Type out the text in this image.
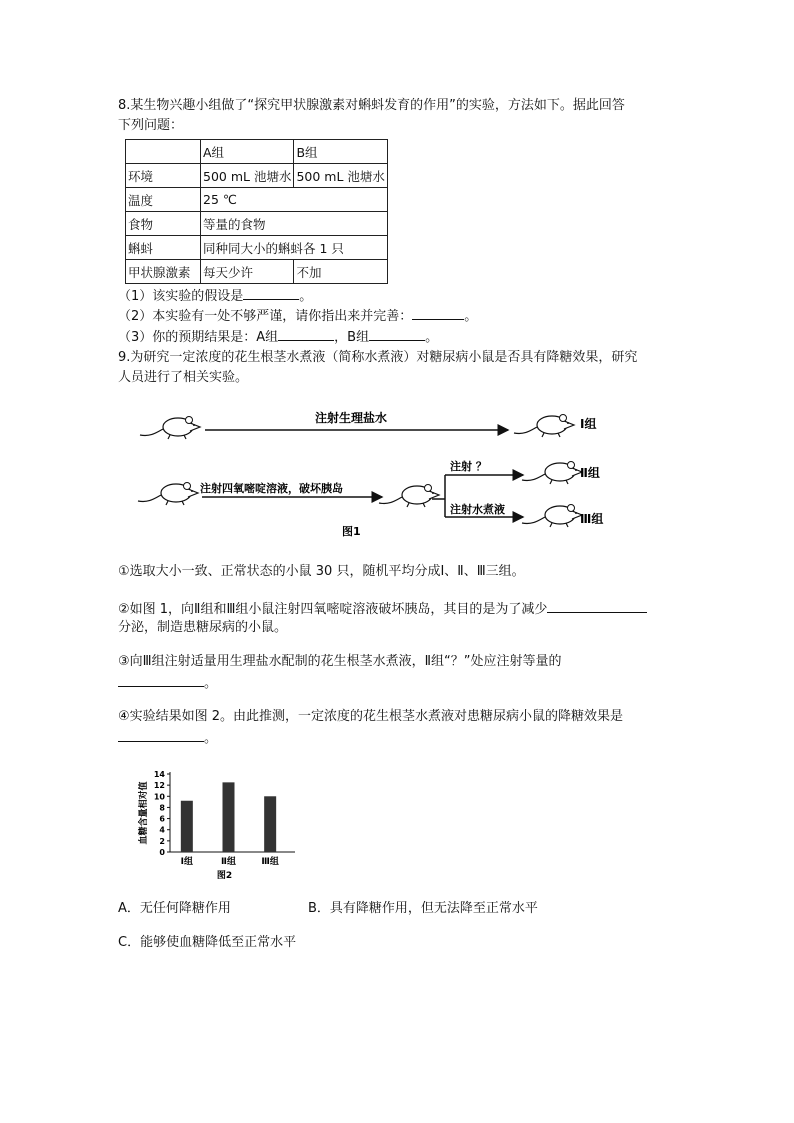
8.某生物兴趣小组做了“探究甲状腺激素对蝌蚪发育的作用”的实验，方法如下。据此回答
下列问题：
	A组	B组
环境	500 mL 池塘水	500 mL 池塘水
温度	25 ℃	
食物	等量的食物	
蝌蚪	同种同大小的蝌蚪各 1 只	
甲状腺激素	每天少许	不加
（1）该实验的假设是	。
（2）本实验有一处不够严谨，请你指出来并完善：	。
（3）你的预期结果是：A组	，B组	。
9.为研究一定浓度的花生根茎水煮液（简称水煮液）对糖尿病小鼠是否具有降糖效果，研究
人员进行了相关实验。
注射生理盐水	Ⅰ组
注射四氧嘧啶溶液，破坏胰岛
注射 ？
注射水煮液
Ⅱ组
Ⅲ组
图1
①选取大小一致、正常状态的小鼠 30 只，随机平均分成Ⅰ、Ⅱ、Ⅲ三组。
②如图 1，向Ⅱ组和Ⅲ组小鼠注射四氧嘧啶溶液破坏胰岛，其目的是为了减少
分泌，制造患糖尿病的小鼠。
③向Ⅲ组注射适量用生理盐水配制的花生根茎水煮液，Ⅱ组“？”处应注射等量的
。
④实验结果如图 2。由此推测，一定浓度的花生根茎水煮液对患糖尿病小鼠的降糖效果是
。
0
2
4
6
8
10
12
14
血糖含量相对值
Ⅰ组	Ⅱ组	Ⅲ组
图2
A．无任何降糖作用	B．具有降糖作用，但无法降至正常水平
C．能够使血糖降低至正常水平
